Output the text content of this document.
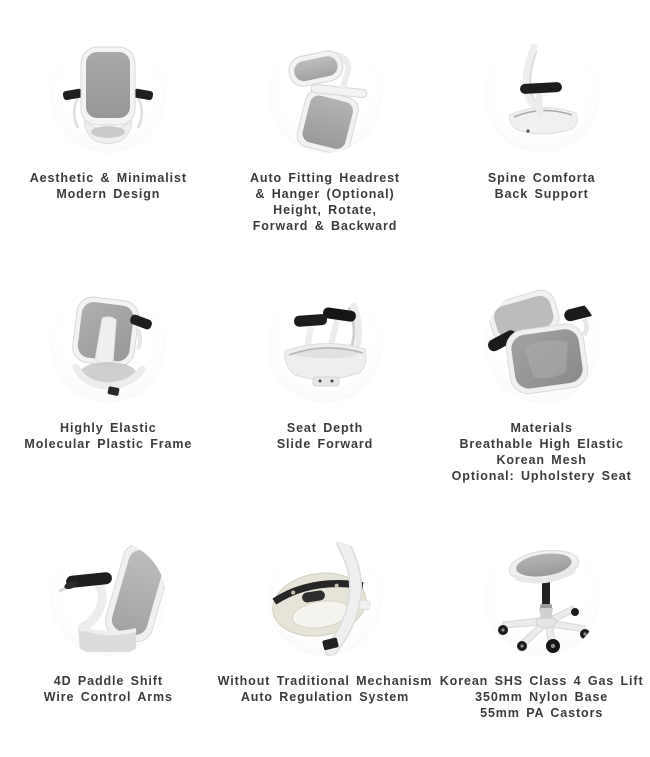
Aesthetic & Minimalist
Modern Design
Auto Fitting Headrest
& Hanger (Optional)
Height, Rotate,
Forward & Backward
Spine Comforta
Back Support
Highly Elastic
Molecular Plastic Frame
Seat Depth
Slide Forward
Materials
Breathable High Elastic
Korean Mesh
Optional: Upholstery Seat
4D Paddle Shift
Wire Control Arms
Without Traditional Mechanism
Auto Regulation System
Korean SHS Class 4 Gas Lift
350mm Nylon Base
55mm PA Castors
